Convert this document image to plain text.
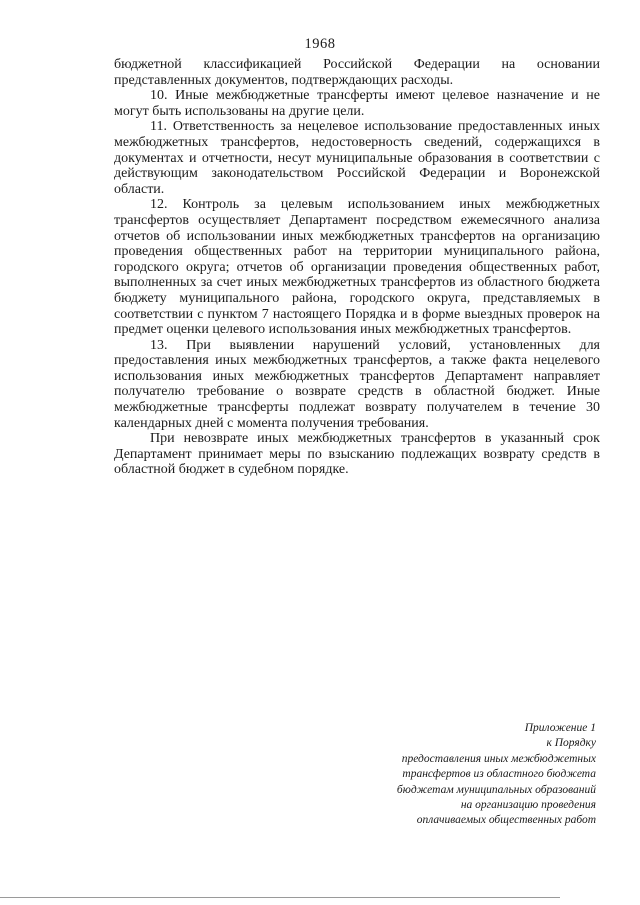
1968

бюджетной классификацией Российской Федерации на основании представленных документов, подтверждающих расходы.

10. Иные межбюджетные трансферты имеют целевое назначение и не могут быть использованы на другие цели.

11. Ответственность за нецелевое использование предоставленных иных межбюджетных трансфертов, недостоверность сведений, содержащихся в документах и отчетности, несут муниципальные образования в соответствии с действующим законодательством Российской Федерации и Воронежской области.

12. Контроль за целевым использованием иных межбюджетных трансфертов осуществляет Департамент посредством ежемесячного анализа отчетов об использовании иных межбюджетных трансфертов на организацию проведения общественных работ на территории муниципального района, городского округа; отчетов об организации проведения общественных работ, выполненных за счет иных межбюджетных трансфертов из областного бюджета бюджету муниципального района, городского округа, представляемых в соответствии с пунктом 7 настоящего Порядка и в форме выездных проверок на предмет оценки целевого использования иных межбюджетных трансфертов.

13. При выявлении нарушений условий, установленных для предоставления иных межбюджетных трансфертов, а также факта нецелевого использования иных межбюджетных трансфертов Департамент направляет получателю требование о возврате средств в областной бюджет. Иные межбюджетные трансферты подлежат возврату получателем в течение 30 календарных дней с момента получения требования.

При невозврате иных межбюджетных трансфертов в указанный срок Департамент принимает меры по взысканию подлежащих возврату средств в областной бюджет в судебном порядке.

Приложение 1
к Порядку
предоставления иных межбюджетных
трансфертов из областного бюджета
бюджетам муниципальных образований
на организацию проведения
оплачиваемых общественных работ
